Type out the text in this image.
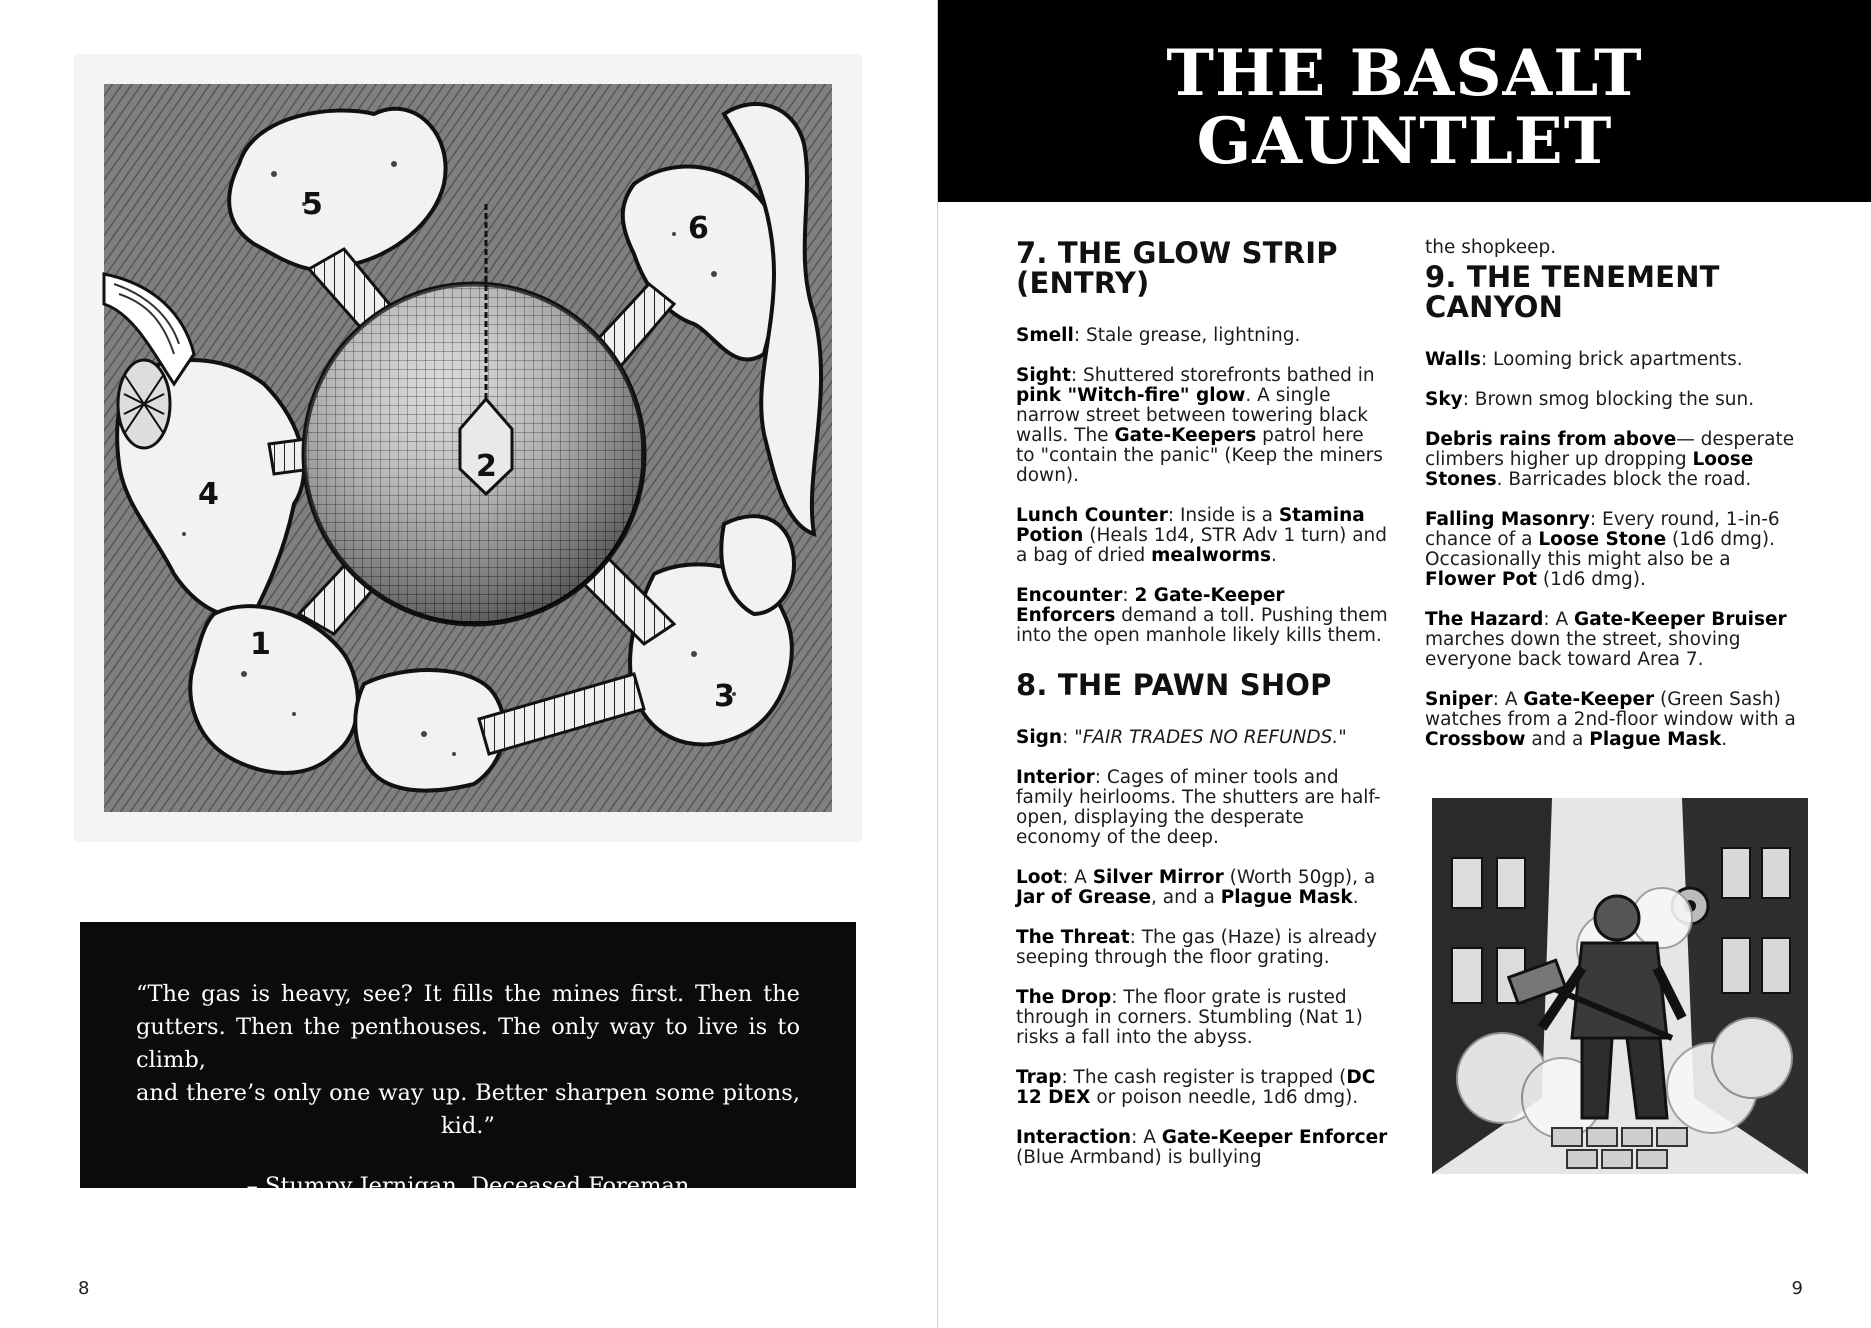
1
2
3
4
5
6

“The gas is heavy, see? It fills the mines first. Then the
gutters. Then the penthouses. The only way to live is to climb,
and there’s only one way up. Better sharpen some pitons, kid.”

– Stumpy Jernigan, Deceased Foreman
8
THE BASALT
GAUNTLET
7. THE GLOW STRIP (ENTRY)

Smell: Stale grease, lightning.

Sight: Shuttered storefronts bathed in pink "Witch-fire" glow. A single narrow street between towering black walls. The Gate-Keepers patrol here to "contain the panic" (Keep the miners down).

Lunch Counter: Inside is a Stamina Potion (Heals 1d4, STR Adv 1 turn) and a bag of dried mealworms.

Encounter: 2 Gate-Keeper Enforcers demand a toll. Pushing them into the open manhole likely kills them.

8. THE PAWN SHOP

Sign: "FAIR TRADES NO REFUNDS."

Interior: Cages of miner tools and family heirlooms. The shutters are half-open, displaying the desperate economy of the deep.

Loot: A Silver Mirror (Worth 50gp), a Jar of Grease, and a Plague Mask.

The Threat: The gas (Haze) is already seeping through the floor grating.

The Drop: The floor grate is rusted through in corners. Stumbling (Nat 1) risks a fall into the abyss.

Trap: The cash register is trapped (DC 12 DEX or poison needle, 1d6 dmg).

Interaction: A Gate-Keeper Enforcer (Blue Armband) is bullying

the shopkeep.

9. THE TENEMENT CANYON

Walls: Looming brick apartments.

Sky: Brown smog blocking the sun.

Debris rains from above— desperate climbers higher up dropping Loose Stones. Barricades block the road.

Falling Masonry: Every round, 1-in-6 chance of a Loose Stone (1d6 dmg). Occasionally this might also be a Flower Pot (1d6 dmg).

The Hazard: A Gate-Keeper Bruiser marches down the street, shoving everyone back toward Area 7.

Sniper: A Gate-Keeper (Green Sash) watches from a 2nd-floor window with a Crossbow and a Plague Mask.

9
